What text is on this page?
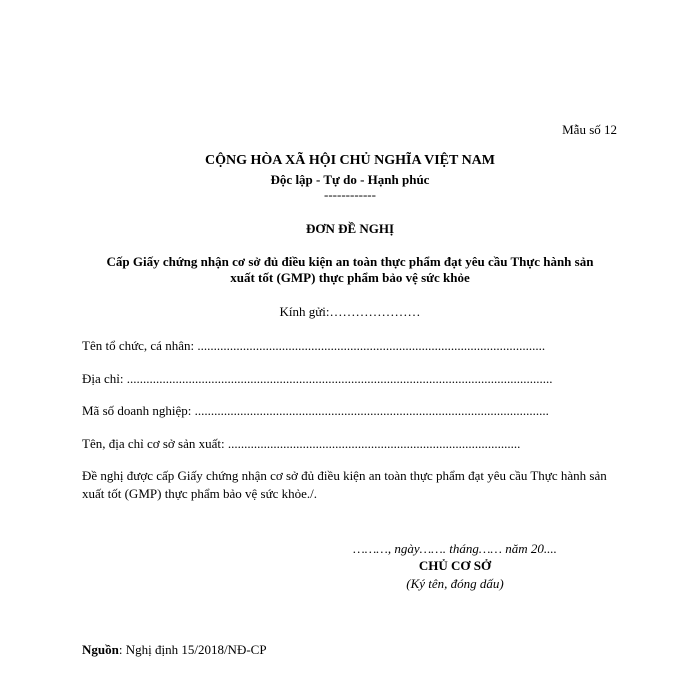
Mẫu số 12
CỘNG HÒA XÃ HỘI CHỦ NGHĨA VIỆT NAM
Độc lập - Tự do - Hạnh phúc
------------
ĐƠN ĐỀ NGHỊ
Cấp Giấy chứng nhận cơ sở đủ điều kiện an toàn thực phẩm đạt yêu cầu Thực hành sản
xuất tốt (GMP) thực phẩm bảo vệ sức khỏe
Kính gửi:…………………
Tên tổ chức, cá nhân: ...........................................................................................................
Địa chỉ: ...................................................................................................................................
Mã số doanh nghiệp: .............................................................................................................
Tên, địa chỉ cơ sở sản xuất: ..........................................................................................
Đề nghị được cấp Giấy chứng nhận cơ sở đủ điều kiện an toàn thực phẩm đạt yêu cầu Thực hành sản xuất tốt (GMP) thực phẩm bảo vệ sức khỏe./.
………, ngày……. tháng…… năm 20....
CHỦ CƠ SỞ
(Ký tên, đóng dấu)
Nguồn: Nghị định 15/2018/NĐ-CP
